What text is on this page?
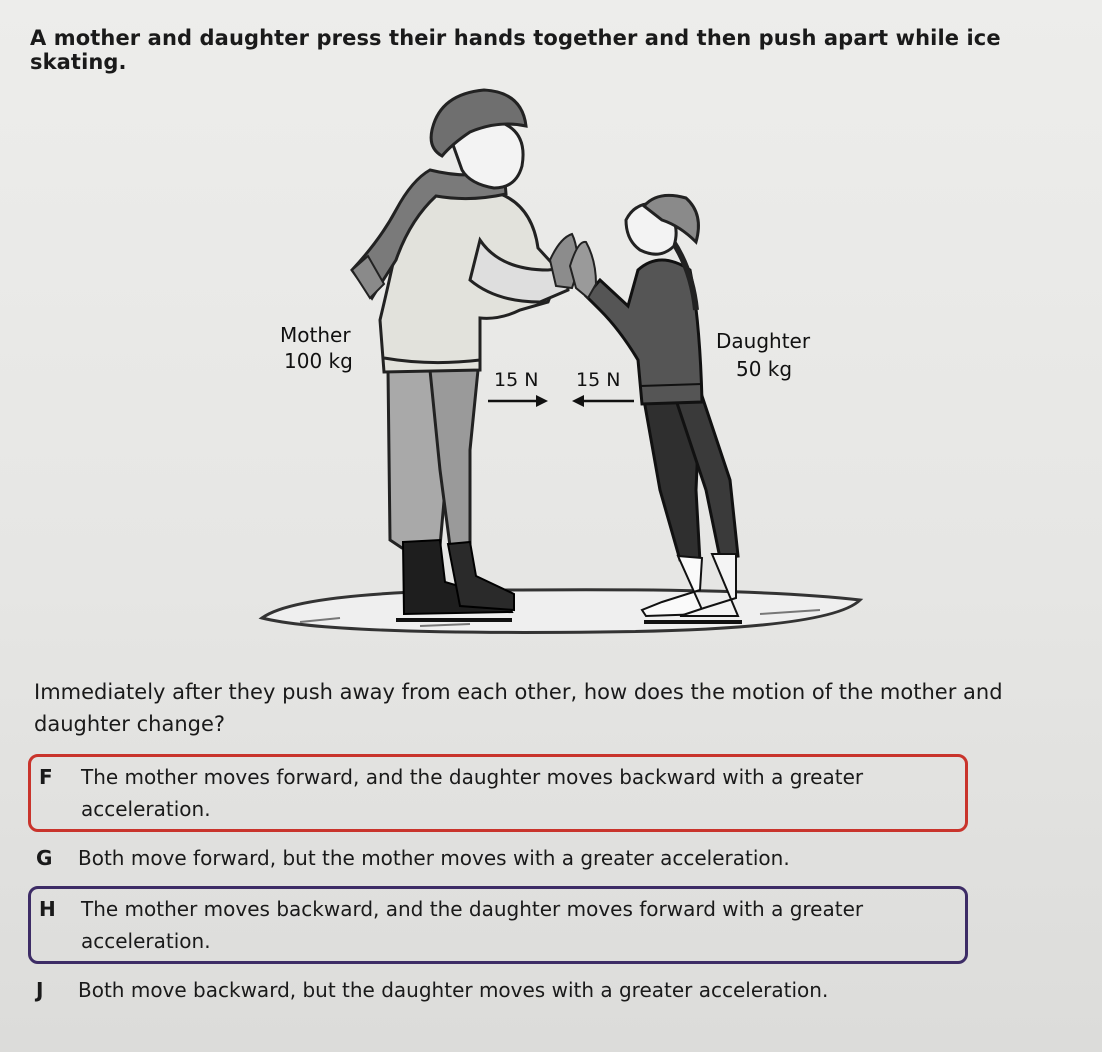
A mother and daughter press their hands together and then push apart while ice skating.
Mother
100 kg
Daughter
50 kg
15 N 15 N
Immediately after they push away from each other, how does the motion of the mother and daughter change?
F	The mother moves forward, and the daughter moves backward with a greater acceleration.
G	Both move forward, but the mother moves with a greater acceleration.
H	The mother moves backward, and the daughter moves forward with a greater acceleration.
J	Both move backward, but the daughter moves with a greater acceleration.
